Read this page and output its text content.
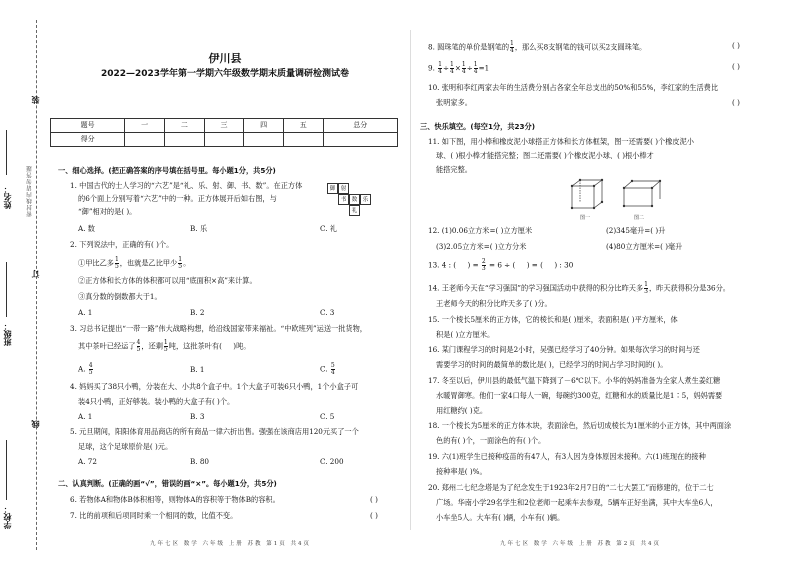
装
姓名：	密封线内请勿答题
订
班级：
线
学校：
伊川县
2022—2023学年第一学期六年级数学期末质量调研检测试卷
题号	一	二	三	四	五	总分
得分						
一、细心选择。(把正确答案的序号填在括号里。每小题1分，共5分)
1. 中国古代的士人学习的“六艺”是“礼、乐、射、御、书、数”。在正方体
的6个面上分别写着“六艺”中的一种。正方体展开后如右图，与
“御”相对的是( )。
御 射
书 数 乐
礼
A. 数	B. 乐	C. 礼
2. 下列说法中，正确的有( )个。
①甲比乙多 $\frac{1}{5}$ ，也就是乙比甲少 $\frac{1}{5}$ 。
②正方体和长方体的体积都可以用“底面积×高”来计算。
③真分数的倒数都大于1。
A. 1	B. 2	C. 3
3. 习总书记提出“一带一路”伟大战略构想，给沿线国家带来福祉。“中欧班列”运送一批货物，
其中茶叶已经运了 $\frac{4}{5}$ ，还剩 $\frac{1}{5}$ 吨，这批茶叶有(     )吨。
A. $\frac{4}{5}$	B. 1	C. $\frac{5}{4}$
4. 妈妈买了38只小鸭，分装在大、小共8个盒子中。1个大盒子可装6只小鸭，1个小盒子可
装4只小鸭，正好够装。装小鸭的大盒子有( )个。
A. 1	B. 3	C. 5
5. 元旦期间，阳阳体育用品商店的所有商品一律六折出售。强强在该商店用120元买了一个
足球，这个足球原价是( )元。
A. 72	B. 80	C. 200
二、认真判断。(正确的画“√”，错误的画“×”。每小题1分，共5分)
6. 若物体A和物体B体积相等，则物体A的容积等于物体B的容积。	( )
7. 比的前项和后项同时乘一个相同的数，比值不变。	( )
九年七区 数学 六年级 上册 苏教 第1页 共4页
8. 圆珠笔的单价是钢笔的 $\frac{1}{4}$ ，那么买8支钢笔的钱可以买2支圆珠笔。	( )
9. $\frac{1}{4} \div \frac{1}{4} \times \frac{1}{4} \div \frac{1}{4} =1$	( )
10. 张明和李红两家去年的生活费分别占各家全年总支出的50%和55%，李红家的生活费比
张明家多。	( )
三、快乐填空。(每空1分，共23分)
11. 如下图，用小棒和橡皮泥小球搭正方体和长方体框架，图一还需要( )个橡皮泥小
球、( )根小棒才能搭完整；图二还需要( )个橡皮泥小球、( )根小棒才
能搭完整。
图一	图二
12. (1)0.06立方米=( )立方厘米	(2)345毫升=( )升
(3)2.05立方米=( )立方分米	(4)80立方厘米=( )毫升
13. 4 : (     ) = $\frac{2}{3} = 6$ ÷ (     ) = (     ) : 30
14. 王老师今天在“学习强国”的学习强国活动中获得的积分比昨天多 $\frac{1}{3}$ ，昨天获得积分是36分。
王老师今天的积分比昨天多了( )分。
15. 一个棱长5厘米的正方体，它的棱长和是( )厘米，表面积是( )平方厘米，体
积是( )立方厘米。
16. 某门课程学习的时间是2小时，吴强已经学习了40分钟。如果每次学习的时间与还
需要学习的时间的最简单的数比是( )，已经学习的时间占学习时间的( )。
17. 冬至以后，伊川县的最低气温下降到了－6℃以下。小华的妈妈准备为全家人煮生姜红糖
水暖胃御寒。他们一家4口每人一碗，每碗约300克，红糖和水的质量比是1∶5，妈妈需要
用红糖约( )克。
18. 一个棱长为5厘米的正方体木块，表面涂色，然后切成棱长为1厘米的小正方体，其中两面涂
色的有( )个，一面涂色的有( )个。
19. 六(1)班学生已接种疫苗的有47人，有3人因为身体原因未接种。六(1)班现在的接种
接种率是( )%。
20. 郑州二七纪念塔是为了纪念发生于1923年2月7日的“二七大罢工”而修建的，位于二七
广场。华南小学29名学生和2位老师一起乘车去参观，5辆车正好坐满，其中大车坐6人，
小车坐5人。大车有( )辆，小车有( )辆。
九年七区 数学 六年级 上册 苏教 第2页 共4页
